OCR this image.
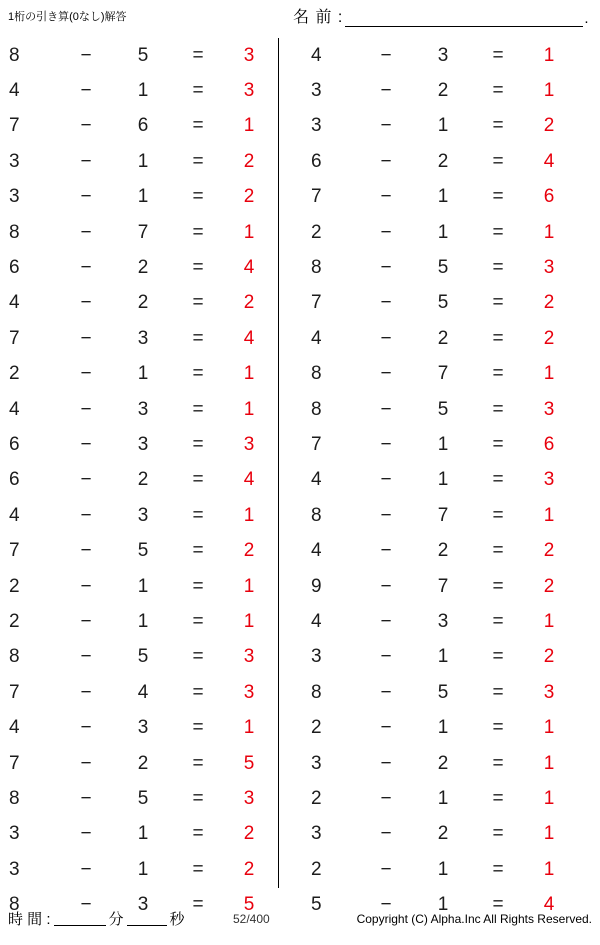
1桁の引き算(0なし)解答	名 前 :	.
8	−	5	=	3
4	−	1	=	3
7	−	6	=	1
3	−	1	=	2
3	−	1	=	2
8	−	7	=	1
6	−	2	=	4
4	−	2	=	2
7	−	3	=	4
2	−	1	=	1
4	−	3	=	1
6	−	3	=	3
6	−	2	=	4
4	−	3	=	1
7	−	5	=	2
2	−	1	=	1
2	−	1	=	1
8	−	5	=	3
7	−	4	=	3
4	−	3	=	1
7	−	2	=	5
8	−	5	=	3
3	−	1	=	2
3	−	1	=	2
8	−	3	=	5
4	−	3	=	1
3	−	2	=	1
3	−	1	=	2
6	−	2	=	4
7	−	1	=	6
2	−	1	=	1
8	−	5	=	3
7	−	5	=	2
4	−	2	=	2
8	−	7	=	1
8	−	5	=	3
7	−	1	=	6
4	−	1	=	3
8	−	7	=	1
4	−	2	=	2
9	−	7	=	2
4	−	3	=	1
3	−	1	=	2
8	−	5	=	3
2	−	1	=	1
3	−	2	=	1
2	−	1	=	1
3	−	2	=	1
2	−	1	=	1
5	−	1	=	4
時 間 :	分	秒	52/400	Copyright (C) Alpha.Inc All Rights Reserved.
